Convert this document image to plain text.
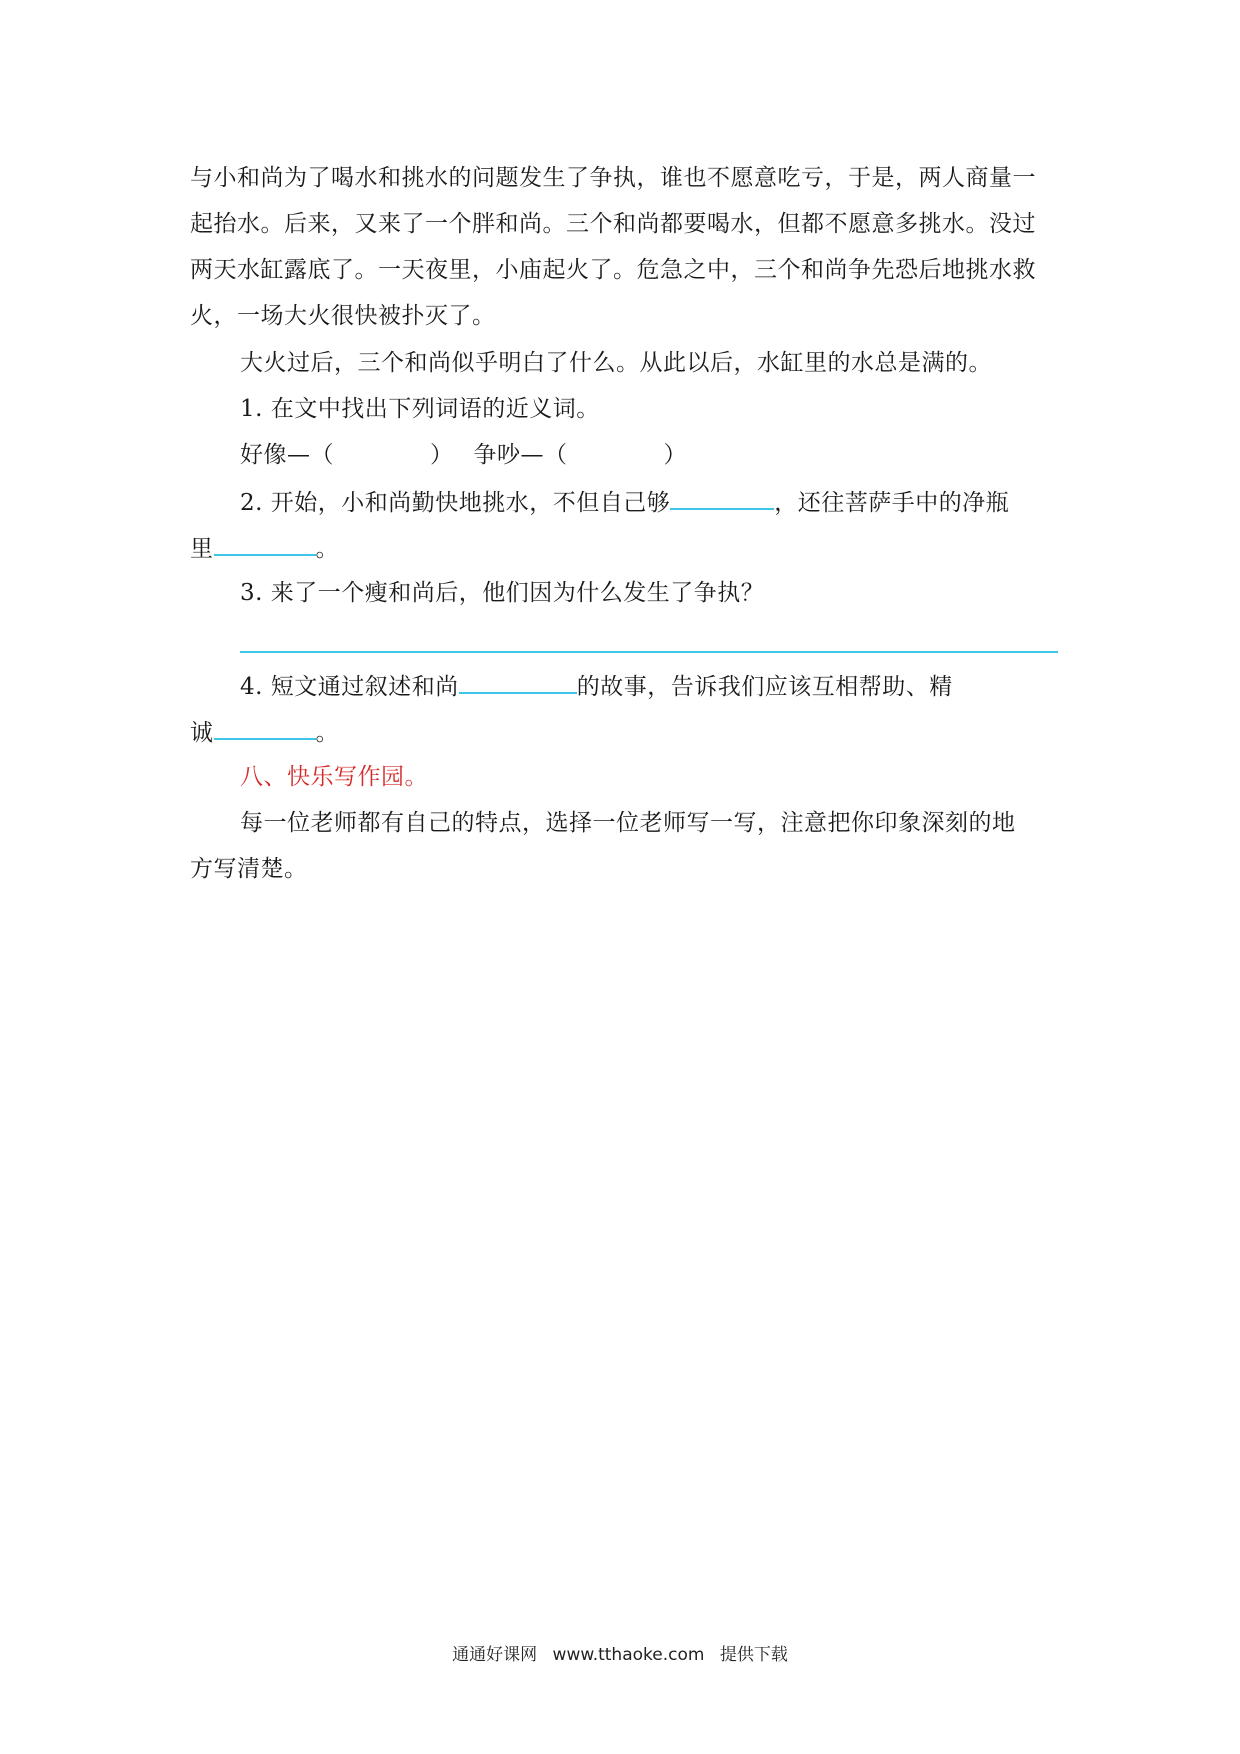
与小和尚为了喝水和挑水的问题发生了争执，谁也不愿意吃亏，于是，两人商量一
起抬水。后来，又来了一个胖和尚。三个和尚都要喝水，但都不愿意多挑水。没过
两天水缸露底了。一天夜里，小庙起火了。危急之中，三个和尚争先恐后地挑水救
火，一场大火很快被扑灭了。
大火过后，三个和尚似乎明白了什么。从此以后，水缸里的水总是满的。
1. 在文中找出下列词语的近义词。
好像—（	） 争吵—（	）
2. 开始，小和尚勤快地挑水，不但自己够	，还往菩萨手中的净瓶
里	。
3. 来了一个瘦和尚后，他们因为什么发生了争执？
4. 短文通过叙述和尚	的故事，告诉我们应该互相帮助、精
诚	。
八、快乐写作园。
每一位老师都有自己的特点，选择一位老师写一写，注意把你印象深刻的地
方写清楚。
通通好课网 www.tthaoke.com 提供下载
